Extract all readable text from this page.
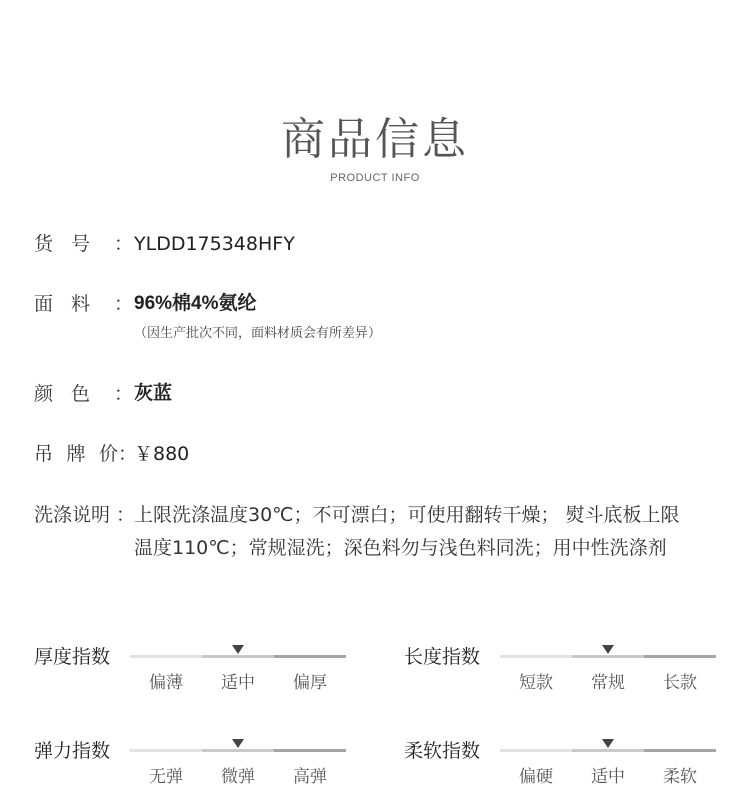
商品信息
PRODUCT INFO
货 号 ： YLDD175348HFY
面 料 ： 96%棉4%氨纶
（因生产批次不同，面料材质会有所差异）
颜 色 ： 灰蓝
吊 牌 价 ：
￥880
洗涤说明 ：
上限洗涤温度30℃；不可漂白；可使用翻转干燥； 熨斗底板上限
温度110℃；常规湿洗；深色料勿与浅色料同洗；用中性洗涤剂
厚度指数
偏薄	适中	偏厚
长度指数
短款	常规	长款
弹力指数
无弹	微弹	高弹
柔软指数
偏硬	适中	柔软
